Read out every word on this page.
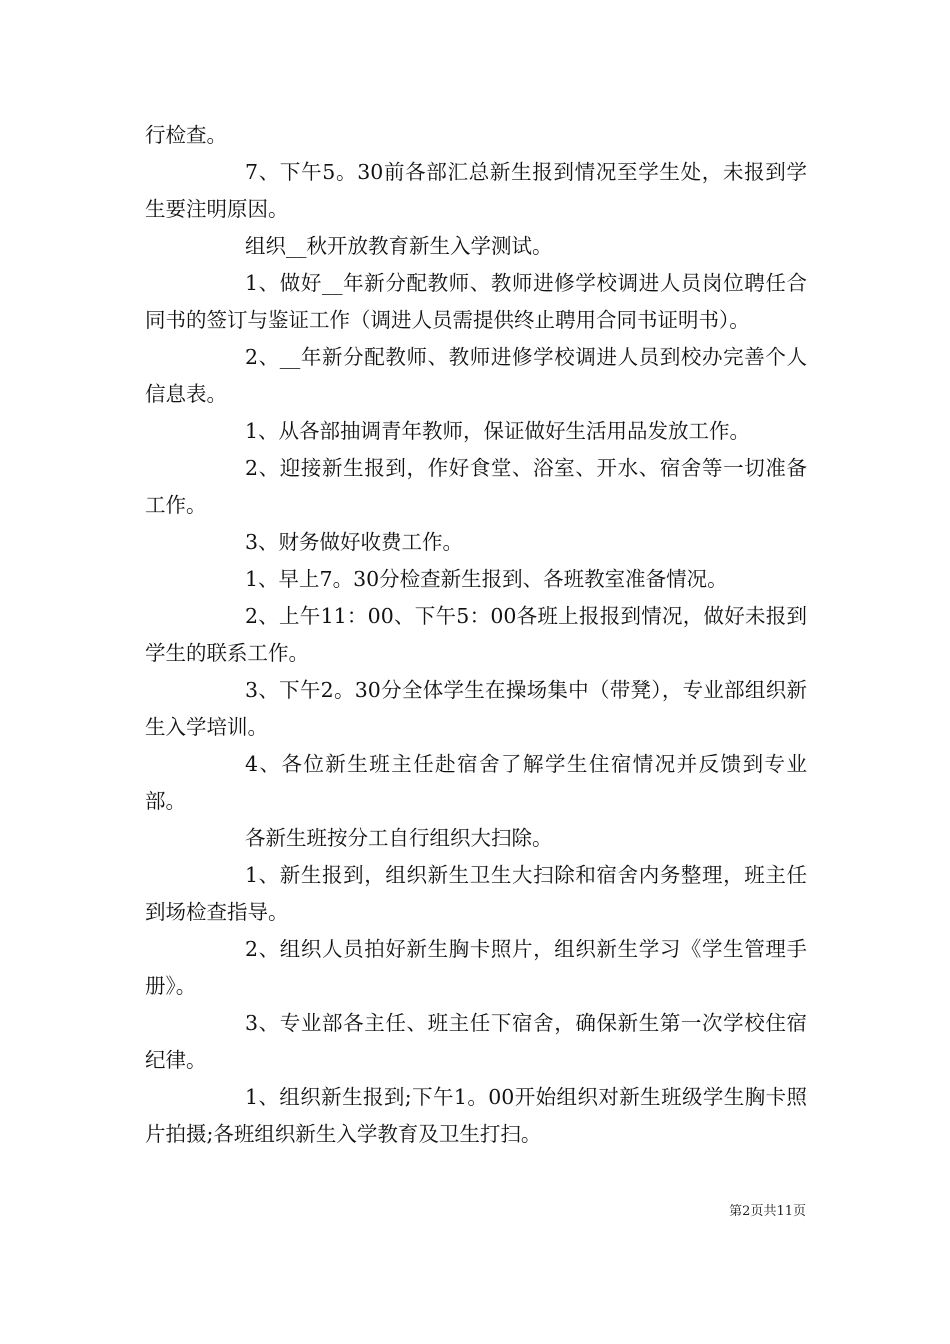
行检查。

7、下午5。30前各部汇总新生报到情况至学生处，未报到学生要注明原因。

组织__秋开放教育新生入学测试。

1、做好__年新分配教师、教师进修学校调进人员岗位聘任合同书的签订与鉴证工作（调进人员需提供终止聘用合同书证明书）。

2、__年新分配教师、教师进修学校调进人员到校办完善个人信息表。

1、从各部抽调青年教师，保证做好生活用品发放工作。

2、迎接新生报到，作好食堂、浴室、开水、宿舍等一切准备工作。

3、财务做好收费工作。

1、早上7。30分检查新生报到、各班教室准备情况。

2、上午11：00、下午5：00各班上报报到情况，做好未报到学生的联系工作。

3、下午2。30分全体学生在操场集中（带凳），专业部组织新生入学培训。

4、各位新生班主任赴宿舍了解学生住宿情况并反馈到专业部。

各新生班按分工自行组织大扫除。

1、新生报到，组织新生卫生大扫除和宿舍内务整理，班主任到场检查指导。

2、组织人员拍好新生胸卡照片，组织新生学习《学生管理手册》。

3、专业部各主任、班主任下宿舍，确保新生第一次学校住宿纪律。

1、组织新生报到;下午1。00开始组织对新生班级学生胸卡照片拍摄;各班组织新生入学教育及卫生打扫。

第2页共11页
